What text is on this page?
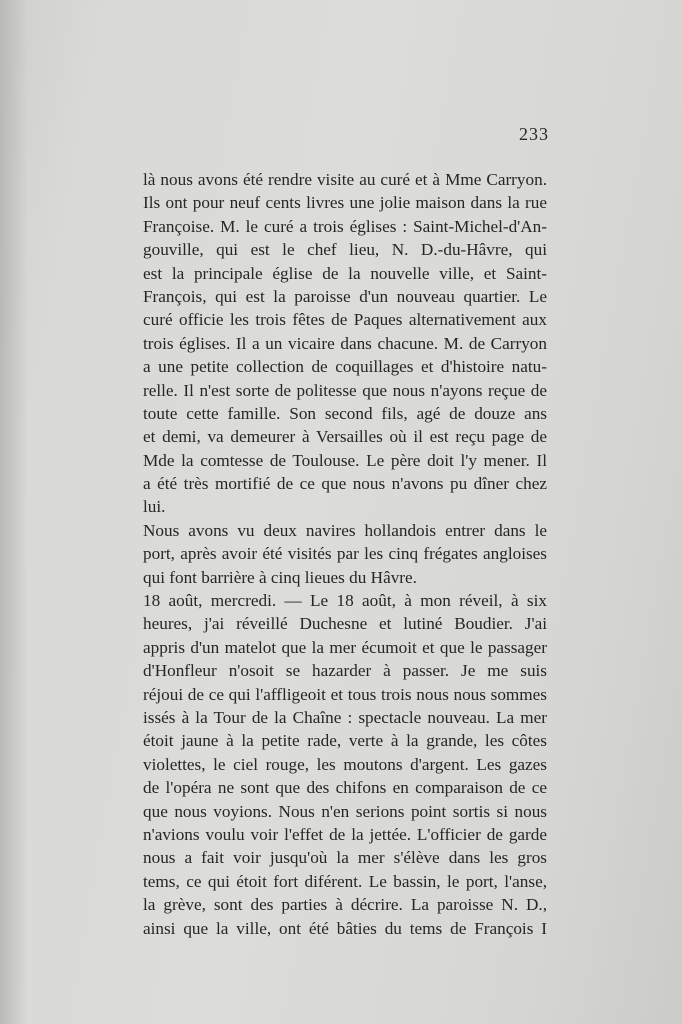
233
là nous avons été rendre visite au curé et à Mme Carryon.
Ils ont pour neuf cents livres une jolie maison dans la rue
Françoise. M. le curé a trois églises : Saint-Michel-d'An-
gouville, qui est le chef lieu, N. D.-du-Hâvre, qui
est la principale église de la nouvelle ville, et Saint-
François, qui est la paroisse d'un nouveau quartier. Le
curé officie les trois fêtes de Paques alternativement aux
trois églises. Il a un vicaire dans chacune. M. de Carryon
a une petite collection de coquillages et d'histoire natu-
relle. Il n'est sorte de politesse que nous n'ayons reçue de
toute cette famille. Son second fils, agé de douze ans
et demi, va demeurer à Versailles où il est reçu page de
Mde la comtesse de Toulouse. Le père doit l'y mener. Il
a été très mortifié de ce que nous n'avons pu dîner chez
lui.
Nous avons vu deux navires hollandois entrer dans le
port, après avoir été visités par les cinq frégates angloises
qui font barrière à cinq lieues du Hâvre.
18 août, mercredi. — Le 18 août, à mon réveil, à six
heures, j'ai réveillé Duchesne et lutiné Boudier. J'ai
appris d'un matelot que la mer écumoit et que le passager
d'Honfleur n'osoit se hazarder à passer. Je me suis
réjoui de ce qui l'affligeoit et tous trois nous nous sommes
issés à la Tour de la Chaîne : spectacle nouveau. La mer
étoit jaune à la petite rade, verte à la grande, les côtes
violettes, le ciel rouge, les moutons d'argent. Les gazes
de l'opéra ne sont que des chifons en comparaison de ce
que nous voyions. Nous n'en serions point sortis si nous
n'avions voulu voir l'effet de la jettée. L'officier de garde
nous a fait voir jusqu'où la mer s'élève dans les gros
tems, ce qui étoit fort diférent. Le bassin, le port, l'anse,
la grève, sont des parties à décrire. La paroisse N. D.,
ainsi que la ville, ont été bâties du tems de François I
